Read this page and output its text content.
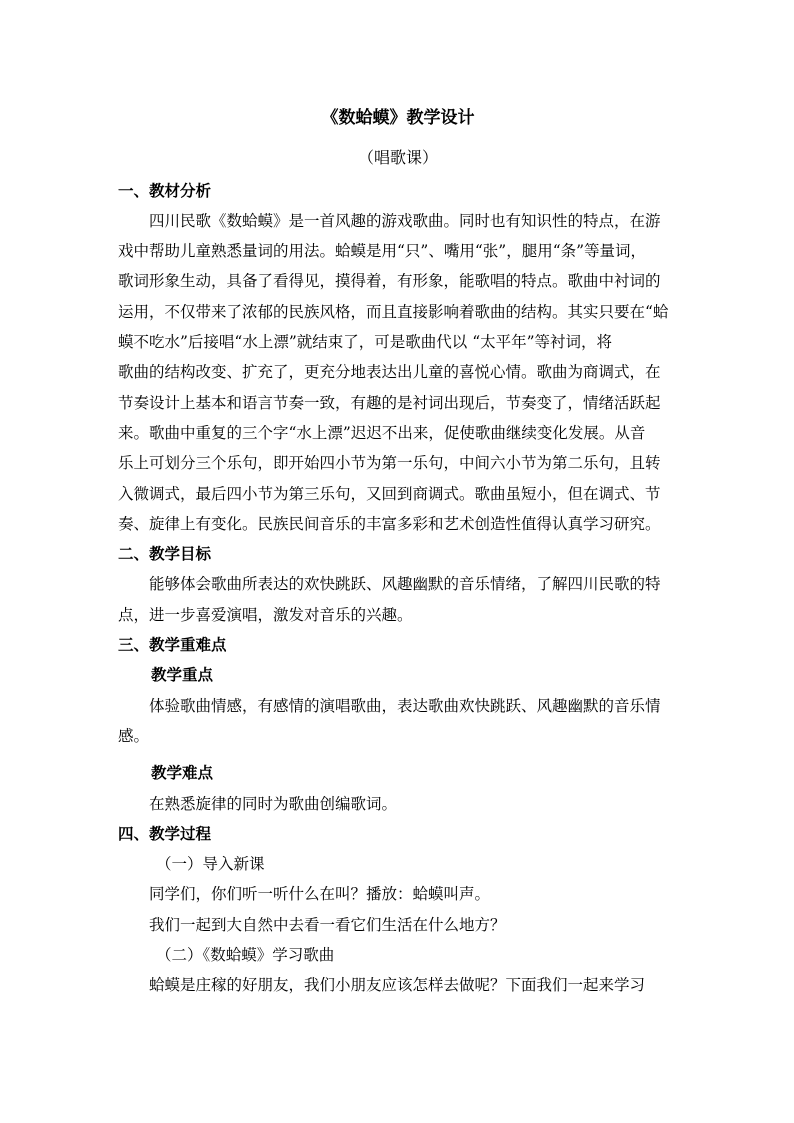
《数蛤蟆》教学设计
（唱歌课）
一、教材分析
四川民歌《数蛤蟆》是一首风趣的游戏歌曲。同时也有知识性的特点，在游
戏中帮助儿童熟悉量词的用法。蛤蟆是用“只”、嘴用“张”，腿用“条”等量词，
歌词形象生动，具备了看得见，摸得着，有形象，能歌唱的特点。歌曲中衬词的
运用，不仅带来了浓郁的民族风格，而且直接影响着歌曲的结构。其实只要在“蛤
蟆不吃水”后接唱“水上漂”就结束了，可是歌曲代以 “太平年”等衬词，将
歌曲的结构改变、扩充了，更充分地表达出儿童的喜悦心情。歌曲为商调式，在
节奏设计上基本和语言节奏一致，有趣的是衬词出现后，节奏变了，情绪活跃起
来。歌曲中重复的三个字“水上漂”迟迟不出来，促使歌曲继续变化发展。从音
乐上可划分三个乐句，即开始四小节为第一乐句，中间六小节为第二乐句，且转
入微调式，最后四小节为第三乐句，又回到商调式。歌曲虽短小，但在调式、节
奏、旋律上有变化。民族民间音乐的丰富多彩和艺术创造性值得认真学习研究。
二、教学目标
能够体会歌曲所表达的欢快跳跃、风趣幽默的音乐情绪，了解四川民歌的特
点，进一步喜爱演唱，激发对音乐的兴趣。
三、教学重难点
教学重点
体验歌曲情感，有感情的演唱歌曲，表达歌曲欢快跳跃、风趣幽默的音乐情
感。
教学难点
在熟悉旋律的同时为歌曲创编歌词。
四、教学过程
（一）导入新课
同学们，你们听一听什么在叫？播放：蛤蟆叫声。
我们一起到大自然中去看一看它们生活在什么地方？
（二）《数蛤蟆》学习歌曲
蛤蟆是庄稼的好朋友，我们小朋友应该怎样去做呢？下面我们一起来学习
